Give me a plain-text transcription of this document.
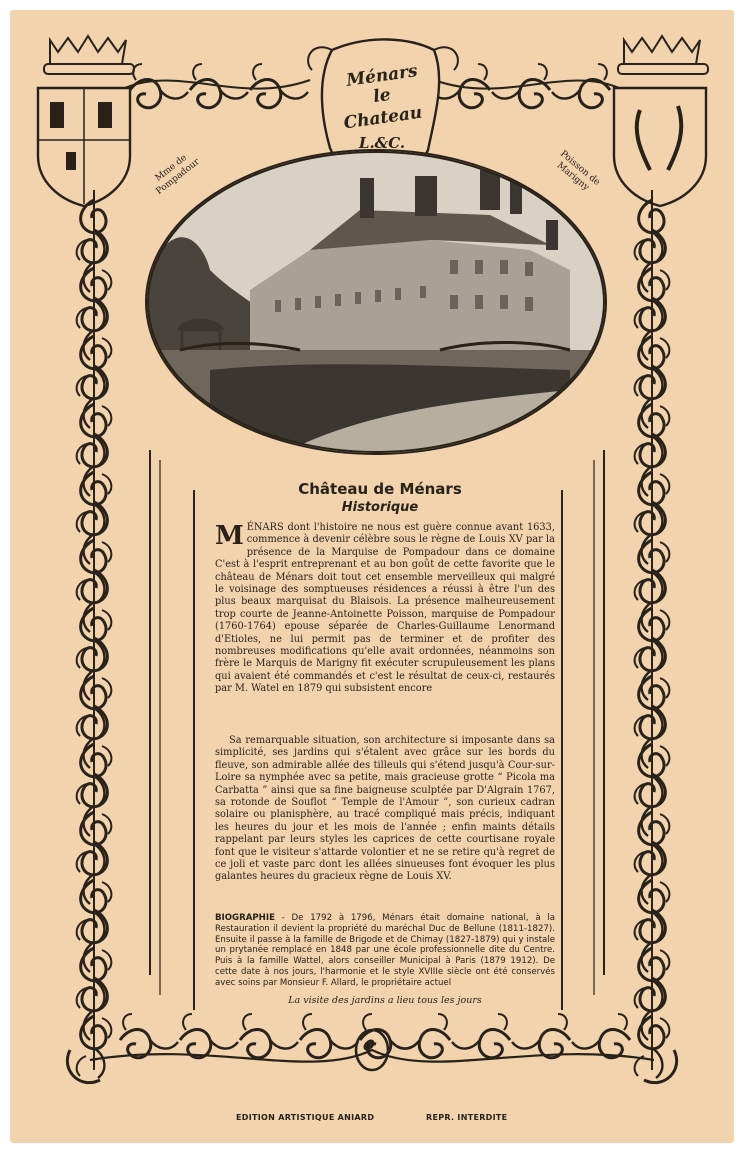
Ménars
le
Chateau
L.&C.
Mme de Pompadour	Poisson de Marigny
Château de Ménars
Historique
MÉNARS dont l'histoire ne nous est guère connue avant 1633, commence à devenir célèbre sous le règne de Louis XV par la présence de la Marquise de Pompadour dans ce domaine C'est à l'esprit entreprenant et au bon goût de cette favorite que le château de Ménars doit tout cet ensemble merveilleux qui malgré le voisinage des somptueuses résidences a réussi à être l'un des plus beaux marquisat du Blaisois. La présence malheureusement trop courte de Jeanne-Antoinette Poisson, marquise de Pompadour (1760-1764) epouse séparée de Charles-Guillaume Lenormand d'Etioles, ne lui permit pas de terminer et de profiter des nombreuses modifications qu'elle avait ordonnées, néanmoins son frère le Marquis de Marigny fit exécuter scrupuleusement les plans qui avaient été commandés et c'est le résultat de ceux-ci, restaurés par M. Watel en 1879 qui subsistent encore
Sa remarquable situation, son architecture si imposante dans sa simplicité, ses jardins qui s'étalent avec grâce sur les bords du fleuve, son admirable allée des tilleuls qui s'étend jusqu'à Cour-sur-Loire sa nymphée avec sa petite, mais gracieuse grotte “ Picola ma Carbatta ” ainsi que sa fine baigneuse sculptée par D'Algrain 1767, sa rotonde de Souflot “ Temple de l'Amour ”, son curieux cadran solaire ou planisphère, au tracé compliqué mais précis, indiquant les heures du jour et les mois de l'année ; enfin maints détails rappelant par leurs styles les caprices de cette courtisane royale font que le visiteur s'attarde volontier et ne se retire qu'à regret de ce joli et vaste parc dont les allées sinueuses font évoquer les plus galantes heures du gracieux règne de Louis XV.
BIOGRAPHIE - De 1792 à 1796, Ménars était domaine national, à la Restauration il devient la propriété du maréchal Duc de Bellune (1811-1827). Ensuite il passe à la famille de Brigode et de Chimay (1827-1879) qui y instale un prytanée remplacé en 1848 par une école professionnelle dite du Centre. Puis à la famille Wattel, alors conseiller Municipal à Paris (1879 1912). De cette date à nos jours, l'harmonie et le style XVIIIe siècle ont été conservés avec soins par Monsieur F. Allard, le propriétaire actuel
La visite des jardins a lieu tous les jours
EDITION ARTISTIQUE ANIARD	REPR. INTERDITE
